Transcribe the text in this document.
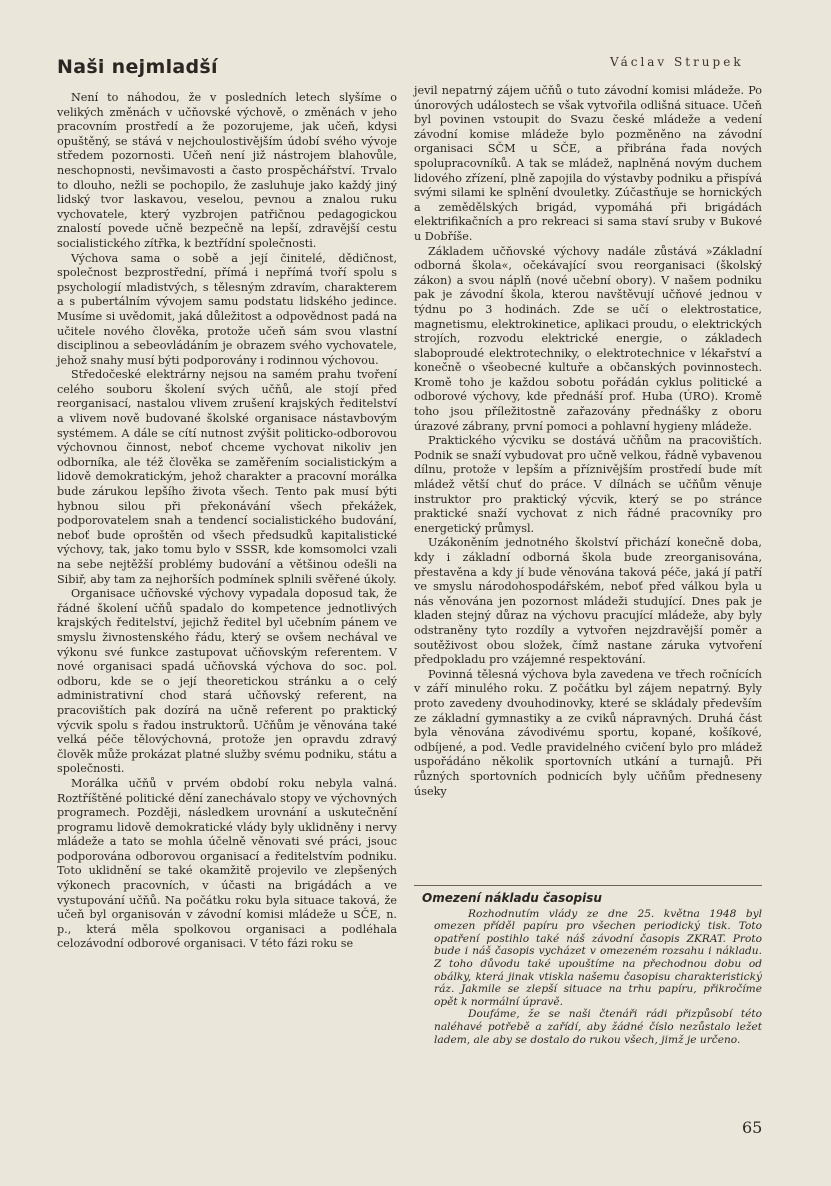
Naši nejmladší	Václav Strupek

Není to náhodou, že v posledních letech slyšíme o velikých změnách v učňovské výchově, o změnách v jeho pracovním prostředí a že pozorujeme, jak učeň, kdysi opuštěný, se stává v nejchoulostivějším údobí svého vývoje středem pozornosti. Učeň není již nástrojem blahovůle, neschopnosti, nevšimavosti a často prospěchářství. Trvalo to dlouho, nežli se pochopilo, že zasluhuje jako každý jiný lidský tvor laskavou, veselou, pevnou a znalou ruku vychovatele, který vyzbrojen patřičnou pedagogickou znalostí povede učně bezpečně na lepší, zdravější cestu socialistického zítřka, k beztřídní společnosti.

Výchova sama o sobě a její činitelé, dědičnost, společnost bezprostřední, přímá i nepřímá tvoří spolu s psychologií mladistvých, s tělesným zdravím, charakterem a s pubertálním vývojem samu podstatu lidského jedince. Musíme si uvědomit, jaká důležitost a odpovědnost padá na učitele nového člověka, protože učeň sám svou vlastní disciplinou a sebeovládáním je obrazem svého vychovatele, jehož snahy musí býti podporovány i rodinnou výchovou.

Středočeské elektrárny nejsou na samém prahu tvoření celého souboru školení svých učňů, ale stojí před reorganisací, nastalou vlivem zrušení krajských ředitelství a vlivem nově budované školské organisace nástavbovým systémem. A dále se cítí nutnost zvýšit politicko-odborovou výchovnou činnost, neboť chceme vychovat nikoliv jen odborníka, ale též člověka se zaměřením socialistickým a lidově demokratickým, jehož charakter a pracovní morálka bude zárukou lepšího života všech. Tento pak musí býti hybnou silou při překonávání všech překážek, podporovatelem snah a tendencí socialistického budování, neboť bude oproštěn od všech předsudků kapitalistické výchovy, tak, jako tomu bylo v SSSR, kde komsomolci vzali na sebe nejtěžší problémy budování a většinou odešli na Sibiř, aby tam za nejhorších podmínek splnili svěřené úkoly.

Organisace učňovské výchovy vypadala doposud tak, že řádné školení učňů spadalo do kompetence jednotlivých krajských ředitelství, jejichž ředitel byl učebním pánem ve smyslu živnostenského řádu, který se ovšem nechával ve výkonu své funkce zastupovat učňovským referentem. V nové organisaci spadá učňovská výchova do soc. pol. odboru, kde se o její theoretickou stránku a o celý administrativní chod stará učňovský referent, na pracovištích pak dozírá na učně referent po praktický výcvik spolu s řadou instruktorů. Učňům je věnována také velká péče tělovýchovná, protože jen opravdu zdravý člověk může prokázat platné služby svému podniku, státu a společnosti.

Morálka učňů v prvém období roku nebyla valná. Roztříštěné politické dění zanechávalo stopy ve výchovných programech. Později, následkem urovnání a uskutečnění programu lidově demokratické vlády byly uklidněny i nervy mládeže a tato se mohla účelně věnovati své práci, jsouc podporována odborovou organisací a ředitelstvím podniku. Toto uklidnění se také okamžitě projevilo ve zlepšených výkonech pracovních, v účasti na brigádách a ve vystupování učňů. Na počátku roku byla situace taková, že učeň byl organisován v závodní komisi mládeže u SČE, n. p., která měla spolkovou organisaci a podléhala celozávodní odborové organisaci. V této fázi roku se

jevil nepatrný zájem učňů o tuto závodní komisi mládeže. Po únorových událostech se však vytvořila odlišná situace. Učeň byl povinen vstoupit do Svazu české mládeže a vedení závodní komise mládeže bylo pozměněno na závodní organisaci SČM u SČE, a přibrána řada nových spolupracovníků. A tak se mládež, naplněná novým duchem lidového zřízení, plně zapojila do výstavby podniku a přispívá svými silami ke splnění dvouletky. Zúčastňuje se hornických a zemědělských brigád, vypomáhá při brigádách elektrifikačních a pro rekreaci si sama staví sruby v Bukové u Dobříše.

Základem učňovské výchovy nadále zůstává »Základní odborná škola«, očekávající svou reorganisaci (školský zákon) a svou náplň (nové učební obory). V našem podniku pak je závodní škola, kterou navštěvují učňové jednou v týdnu po 3 hodinách. Zde se učí o elektrostatice, magnetismu, elektrokinetice, aplikaci proudu, o elektrických strojích, rozvodu elektrické energie, o základech slaboproudé elektrotechniky, o elektrotechnice v lékařství a konečně o všeobecné kultuře a občanských povinnostech. Kromě toho je každou sobotu pořádán cyklus politické a odborové výchovy, kde přednáší prof. Huba (ÚRO). Kromě toho jsou příležitostně zařazovány přednášky z oboru úrazové zábrany, první pomoci a pohlavní hygieny mládeže.

Praktického výcviku se dostává učňům na pracovištích. Podnik se snaží vybudovat pro učně velkou, řádně vybavenou dílnu, protože v lepším a příznivějším prostředí bude mít mládež větší chuť do práce. V dílnách se učňům věnuje instruktor pro praktický výcvik, který se po stránce praktické snaží vychovat z nich řádné pracovníky pro energetický průmysl.

Uzákoněním jednotného školství přichází konečně doba, kdy i základní odborná škola bude zreorganisována, přestavěna a kdy jí bude věnována taková péče, jaká jí patří ve smyslu národohospodářském, neboť před válkou byla u nás věnována jen pozornost mládeži studující. Dnes pak je kladen stejný důraz na výchovu pracující mládeže, aby byly odstraněny tyto rozdíly a vytvořen nejzdravější poměr a soutěživost obou složek, čímž nastane záruka vytvoření předpokladu pro vzájemné respektování.

Povinná tělesná výchova byla zavedena ve třech ročnících v září minulého roku. Z počátku byl zájem nepatrný. Byly proto zavedeny dvouhodinovky, které se skládaly především ze základní gymnastiky a ze cviků nápravných. Druhá část byla věnována závodivému sportu, kopané, košíkové, odbíjené, a pod. Vedle pravidelného cvičení bylo pro mládež uspořádáno několik sportovních utkání a turnajů. Při různých sportovních podnicích byly učňům předneseny úseky

Omezení nákladu časopisu

Rozhodnutím vlády ze dne 25. května 1948 byl omezen příděl papíru pro všechen periodický tisk. Toto opatření postihlo také náš závodní časopis ZKRAT. Proto bude i náš časopis vycházet v omezeném rozsahu i nákladu. Z toho důvodu také upouštíme na přechodnou dobu od obálky, která jinak vtiskla našemu časopisu charakteristický ráz. Jakmile se zlepší situace na trhu papíru, přikročíme opět k normální úpravě.

Doufáme, že se naši čtenáři rádi přizpůsobí této naléhavé potřebě a zařídí, aby žádné číslo nezůstalo ležet ladem, ale aby se dostalo do rukou všech, jimž je určeno.

65
